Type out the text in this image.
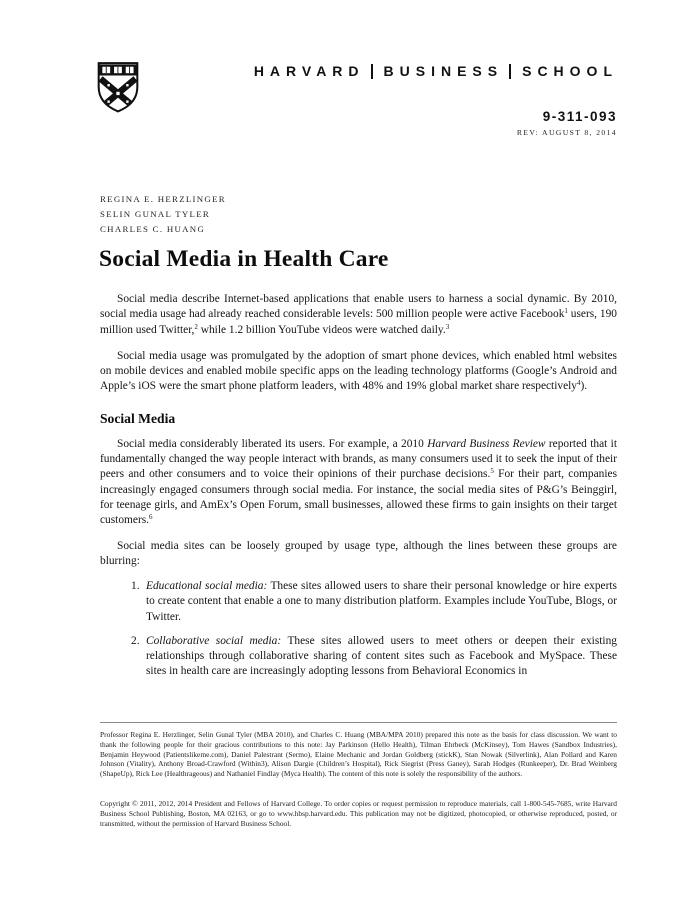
HARVARD BUSINESS SCHOOL
9-311-093
REV: AUGUST 8, 2014
REGINA E. HERZLINGER
SELIN GUNAL TYLER
CHARLES C. HUANG
Social Media in Health Care

Social media describe Internet-based applications that enable users to harness a social dynamic. By 2010, social media usage had already reached considerable levels: 500 million people were active Facebook$^1$ users, 190 million used Twitter,$^2$ while 1.2 billion YouTube videos were watched daily.$^3$

Social media usage was promulgated by the adoption of smart phone devices, which enabled html websites on mobile devices and enabled mobile specific apps on the leading technology platforms (Google’s Android and Apple’s iOS were the smart phone platform leaders, with 48% and 19% global market share respectively$^4$).

Social Media

Social media considerably liberated its users. For example, a 2010 Harvard Business Review reported that it fundamentally changed the way people interact with brands, as many consumers used it to seek the input of their peers and other consumers and to voice their opinions of their purchase decisions.$^5$ For their part, companies increasingly engaged consumers through social media. For instance, the social media sites of P&G’s Beinggirl, for teenage girls, and AmEx’s Open Forum, small businesses, allowed these firms to gain insights on their target customers.$^6$

Social media sites can be loosely grouped by usage type, although the lines between these groups are blurring:

1. Educational social media: These sites allowed users to share their personal knowledge or hire experts to create content that enable a one to many distribution platform. Examples include YouTube, Blogs, or Twitter.
2. Collaborative social media: These sites allowed users to meet others or deepen their existing relationships through collaborative sharing of content sites such as Facebook and MySpace. These sites in health care are increasingly adopting lessons from Behavioral Economics in

Professor Regina E. Herzlinger, Selin Gunal Tyler (MBA 2010), and Charles C. Huang (MBA/MPA 2010) prepared this note as the basis for class discussion. We want to thank the following people for their gracious contributions to this note: Jay Parkinson (Hello Health), Tilman Ehrbeck (McKinsey), Tom Hawes (Sandbox Industries), Benjamin Heywood (Patientslikeme.com), Daniel Palestrant (Sermo), Elaine Mechanic and Jordan Goldberg (stickK), Stan Nowak (Silverlink), Alan Pollard and Karen Johnson (Vitality), Anthony Broad-Crawford (Within3), Alison Dargie (Children’s Hospital), Rick Siegrist (Press Ganey), Sarah Hodges (Runkeeper), Dr. Brad Weinberg (ShapeUp), Rick Lee (Healthrageous) and Nathaniel Findlay (Myca Health). The content of this note is solely the responsibility of the authors.

Copyright © 2011, 2012, 2014 President and Fellows of Harvard College. To order copies or request permission to reproduce materials, call 1-800-545-7685, write Harvard Business School Publishing, Boston, MA 02163, or go to www.hbsp.harvard.edu. This publication may not be digitized, photocopied, or otherwise reproduced, posted, or transmitted, without the permission of Harvard Business School.
